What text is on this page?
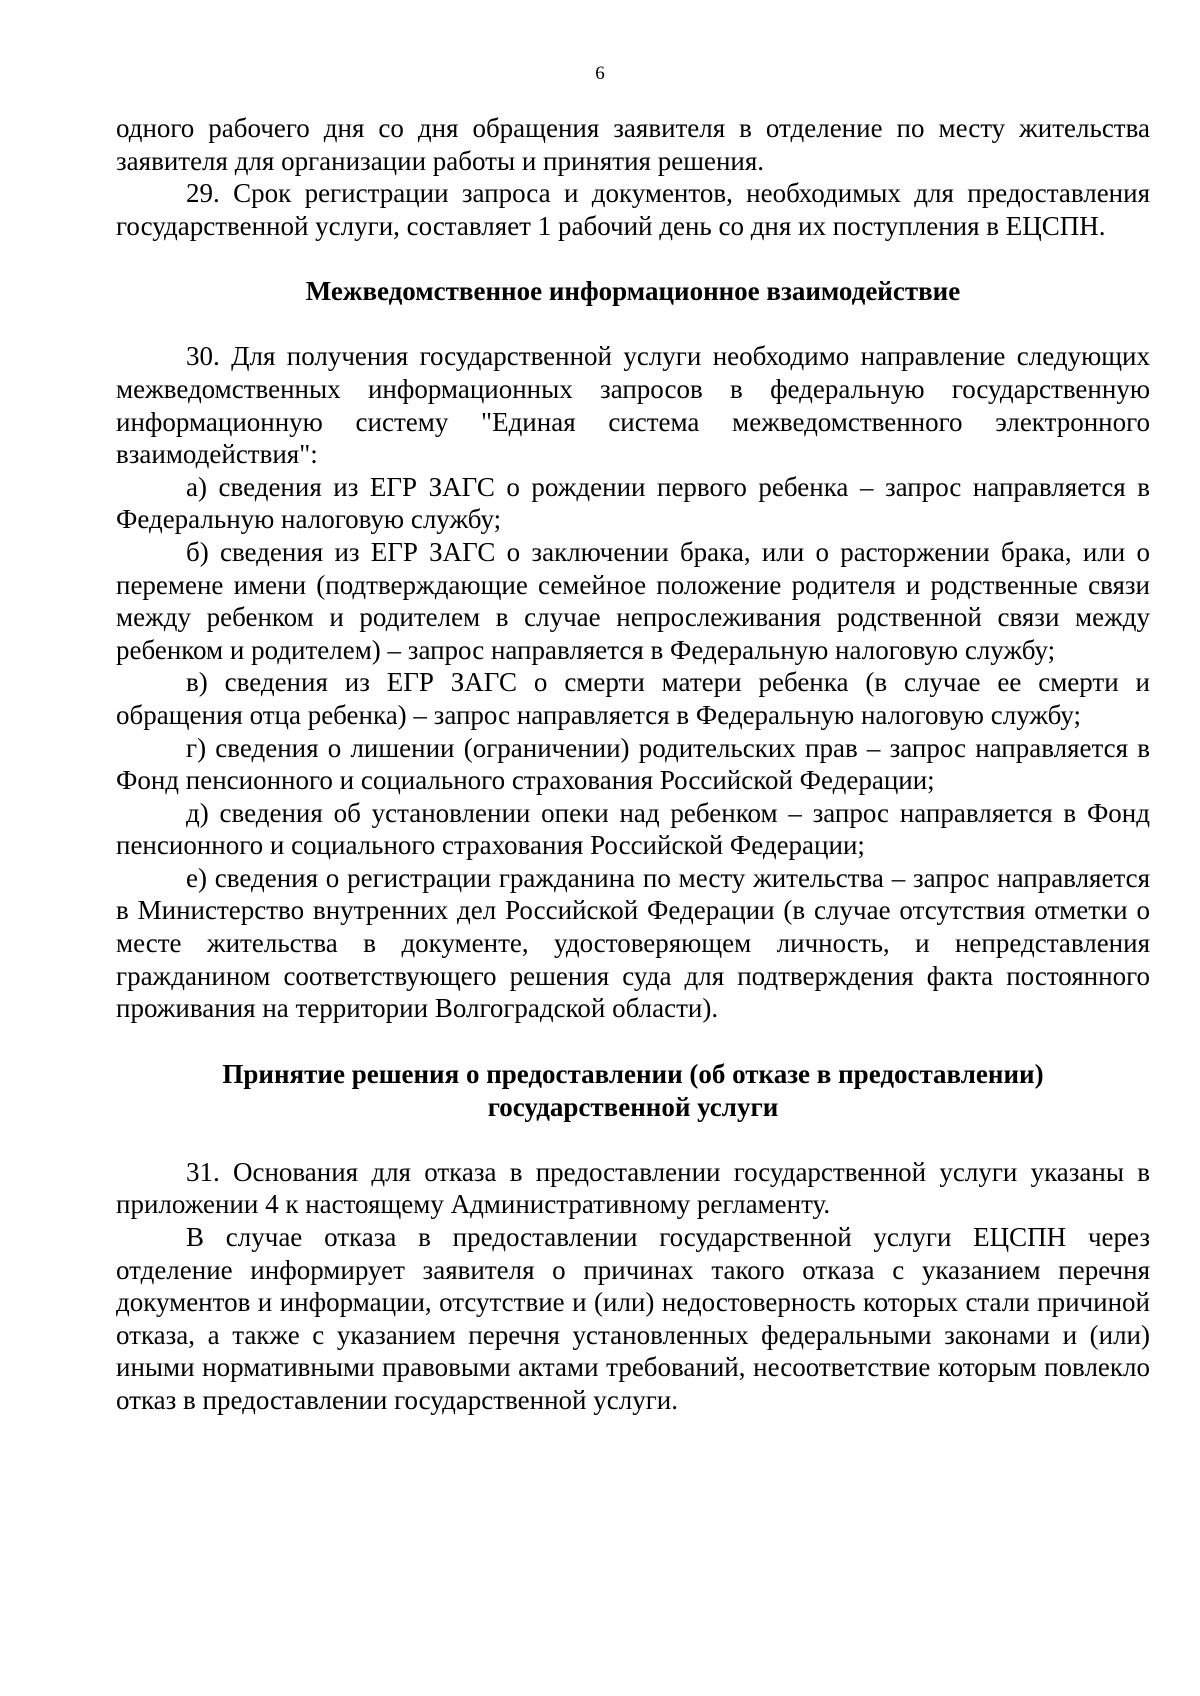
6

одного рабочего дня со дня обращения заявителя в отделение по месту жительства заявителя для организации работы и принятия решения.

29. Срок регистрации запроса и документов, необходимых для предоставления государственной услуги, составляет 1 рабочий день со дня их поступления в ЕЦСПН.

Межведомственное информационное взаимодействие

30. Для получения государственной услуги необходимо направление следующих межведомственных информационных запросов в федеральную государственную информационную систему "Единая система межведомственного электронного взаимодействия":

а) сведения из ЕГР ЗАГС о рождении первого ребенка – запрос направляется в Федеральную налоговую службу;

б) сведения из ЕГР ЗАГС о заключении брака, или о расторжении брака, или о перемене имени (подтверждающие семейное положение родителя и родственные связи между ребенком и родителем в случае непрослеживания родственной связи между ребенком и родителем) – запрос направляется в Федеральную налоговую службу;

в) сведения из ЕГР ЗАГС о смерти матери ребенка (в случае ее смерти и обращения отца ребенка) – запрос направляется в Федеральную налоговую службу;

г) сведения о лишении (ограничении) родительских прав – запрос направляется в Фонд пенсионного и социального страхования Российской Федерации;

д) сведения об установлении опеки над ребенком – запрос направляется в Фонд пенсионного и социального страхования Российской Федерации;

е) сведения о регистрации гражданина по месту жительства – запрос направляется в Министерство внутренних дел Российской Федерации (в случае отсутствия отметки о месте жительства в документе, удостоверяющем личность, и непредставления гражданином соответствующего решения суда для подтверждения факта постоянного проживания на территории Волгоградской области).

Принятие решения о предоставлении (об отказе в предоставлении)

государственной услуги

31. Основания для отказа в предоставлении государственной услуги указаны в приложении 4 к настоящему Административному регламенту.

В случае отказа в предоставлении государственной услуги ЕЦСПН через отделение информирует заявителя о причинах такого отказа с указанием перечня документов и информации, отсутствие и (или) недостоверность которых стали причиной отказа, а также с указанием перечня установленных федеральными законами и (или) иными нормативными правовыми актами требований, несоответствие которым повлекло отказ в предоставлении государственной услуги.
